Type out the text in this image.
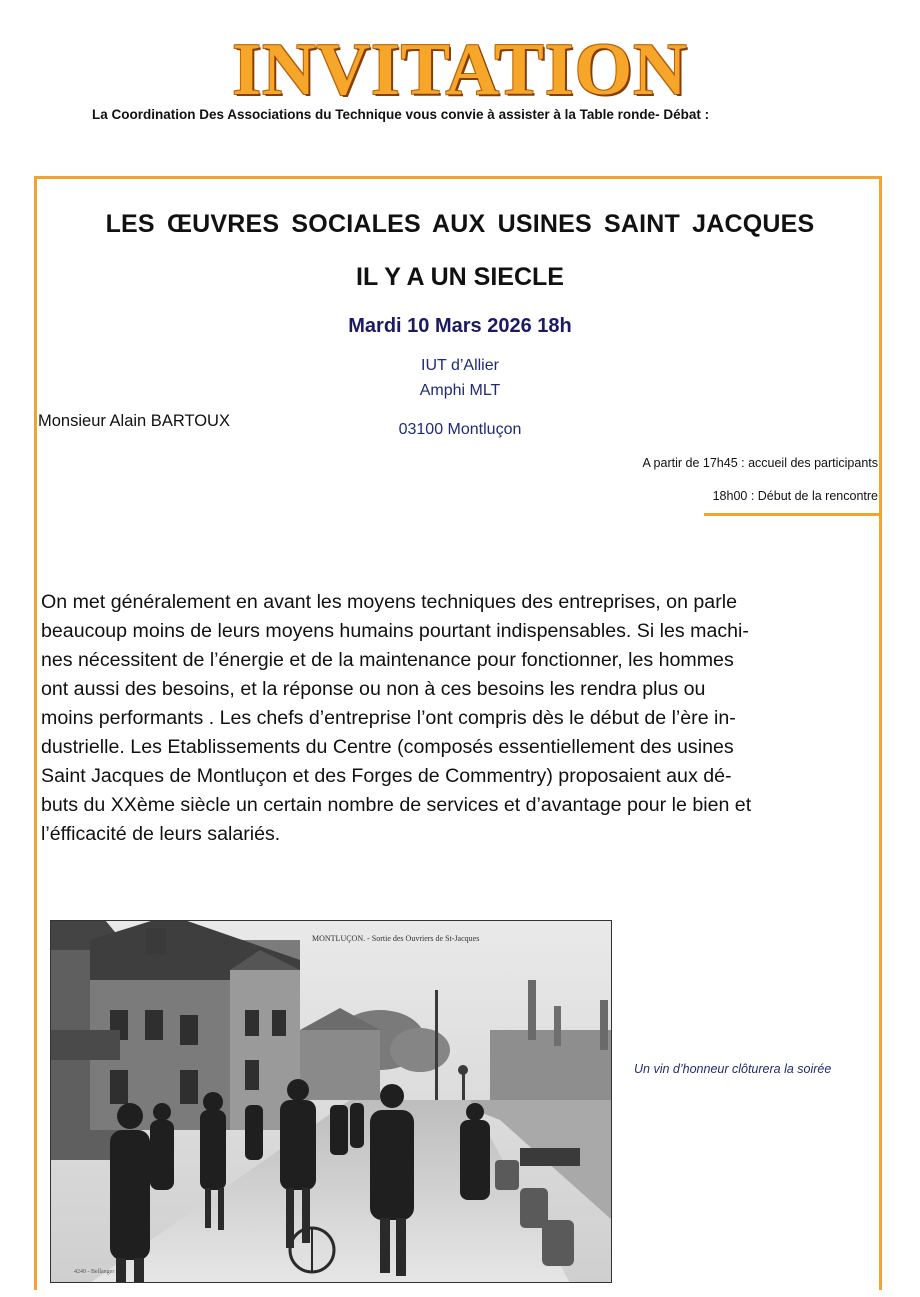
INVITATION
La Coordination Des Associations du Technique vous convie à assister à la Table ronde- Débat :
LES ŒUVRES SOCIALES AUX USINES SAINT JACQUES
IL Y A UN SIECLE
Mardi 10 Mars 2026 18h
IUT d’Allier
Amphi MLT
03100 Montluçon
Monsieur Alain BARTOUX
A partir de 17h45 : accueil des participants
18h00 : Début de la rencontre
On met généralement en avant les moyens techniques des entreprises, on parle
beaucoup moins de leurs moyens humains pourtant indispensables. Si les machi-
nes nécessitent de l’énergie et de la maintenance pour fonctionner, les hommes
ont aussi des besoins, et la réponse ou non à ces besoins les rendra plus ou
moins performants . Les chefs d’entreprise l’ont compris dès le début de l’ère in-
dustrielle. Les Etablissements du Centre (composés essentiellement des usines
Saint Jacques de Montluçon et des Forges de Commentry) proposaient aux dé-
buts du XXème siècle un certain nombre de services et d’avantage pour le bien et
l’éfficacité de leurs salariés.
MONTLUÇON. - Sortie des Ouvriers de St-Jacques
4240 - Bellanger
Un vin d’honneur clôturera la soirée
